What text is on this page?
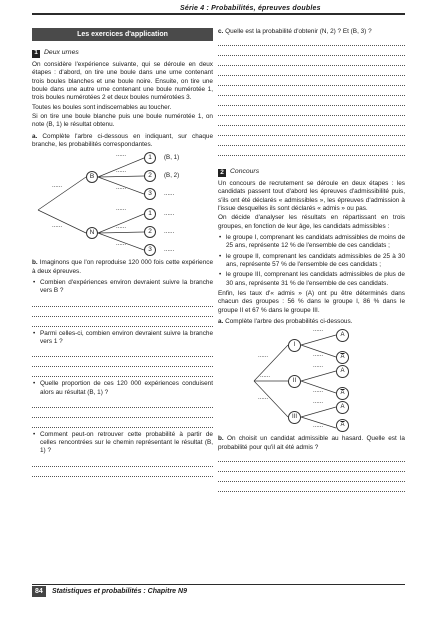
Série 4 : Probabilités, épreuves doubles
Les exercices d'application
1 Deux urnes

On considère l'expérience suivante, qui se déroule en deux étapes : d'abord, on tire une boule dans une urne contenant trois boules blanches et une boule noire. Ensuite, on tire une boule dans une autre urne contenant une boule numérotée 1, trois boules numérotées 2 et deux boules numérotées 3.

Toutes les boules sont indiscernables au toucher.

Si on tire une boule blanche puis une boule numérotée 1, on note (B, 1) le résultat obtenu.

a. Complète l'arbre ci-dessous en indiquant, sur chaque branche, les probabilités correspondantes.

......
......
B
N
......
......
......
......
......
......
1
2
3
1
2
3
(B, 1)
(B, 2)
......
......
......
......

b. Imaginons que l'on reproduise 120 000 fois cette expérience à deux épreuves.

• Combien d'expériences environ devraient suivre la branche vers B ?
• Parmi celles-ci, combien environ devraient suivre la branche vers 1 ?
• Quelle proportion de ces 120 000 expériences conduisent alors au résultat (B, 1) ?
• Comment peut-on retrouver cette probabilité à partir de celles rencontrées sur le chemin représentant le résultat (B, 1) ?

c. Quelle est la probabilité d'obtenir (N, 2) ? Et (B, 3) ?

2 Concours

Un concours de recrutement se déroule en deux étapes : les candidats passent tout d'abord les épreuves d'admissibilité puis, s'ils ont été déclarés « admissibles », les épreuves d'admission à l'issue desquelles ils sont déclarés « admis » ou pas.

On décide d'analyser les résultats en répartissant en trois groupes, en fonction de leur âge, les candidats admissibles :

• le groupe I, comprenant les candidats admissibles de moins de 25 ans, représente 12 % de l'ensemble de ces candidats ;
• le groupe II, comprenant les candidats admissibles de 25 à 30 ans, représente 57 % de l'ensemble de ces candidats ;
• le groupe III, comprenant les candidats admissibles de plus de 30 ans, représente 31 % de l'ensemble de ces candidats.

Enfin, les taux d'« admis » (A) ont pu être déterminés dans chacun des groupes : 56 % dans le groupe I, 86 % dans le groupe II et 67 % dans le groupe III.

a. Complète l'arbre des probabilités ci-dessous.

......
......
......
I
II
III
......
......
......
......
......
......
A
$\overline{A}$
A
$\overline{A}$
A
$\overline{A}$

b. On choisit un candidat admissible au hasard. Quelle est la probabilité pour qu'il ait été admis ?

84	Statistiques et probabilités : Chapitre N9
